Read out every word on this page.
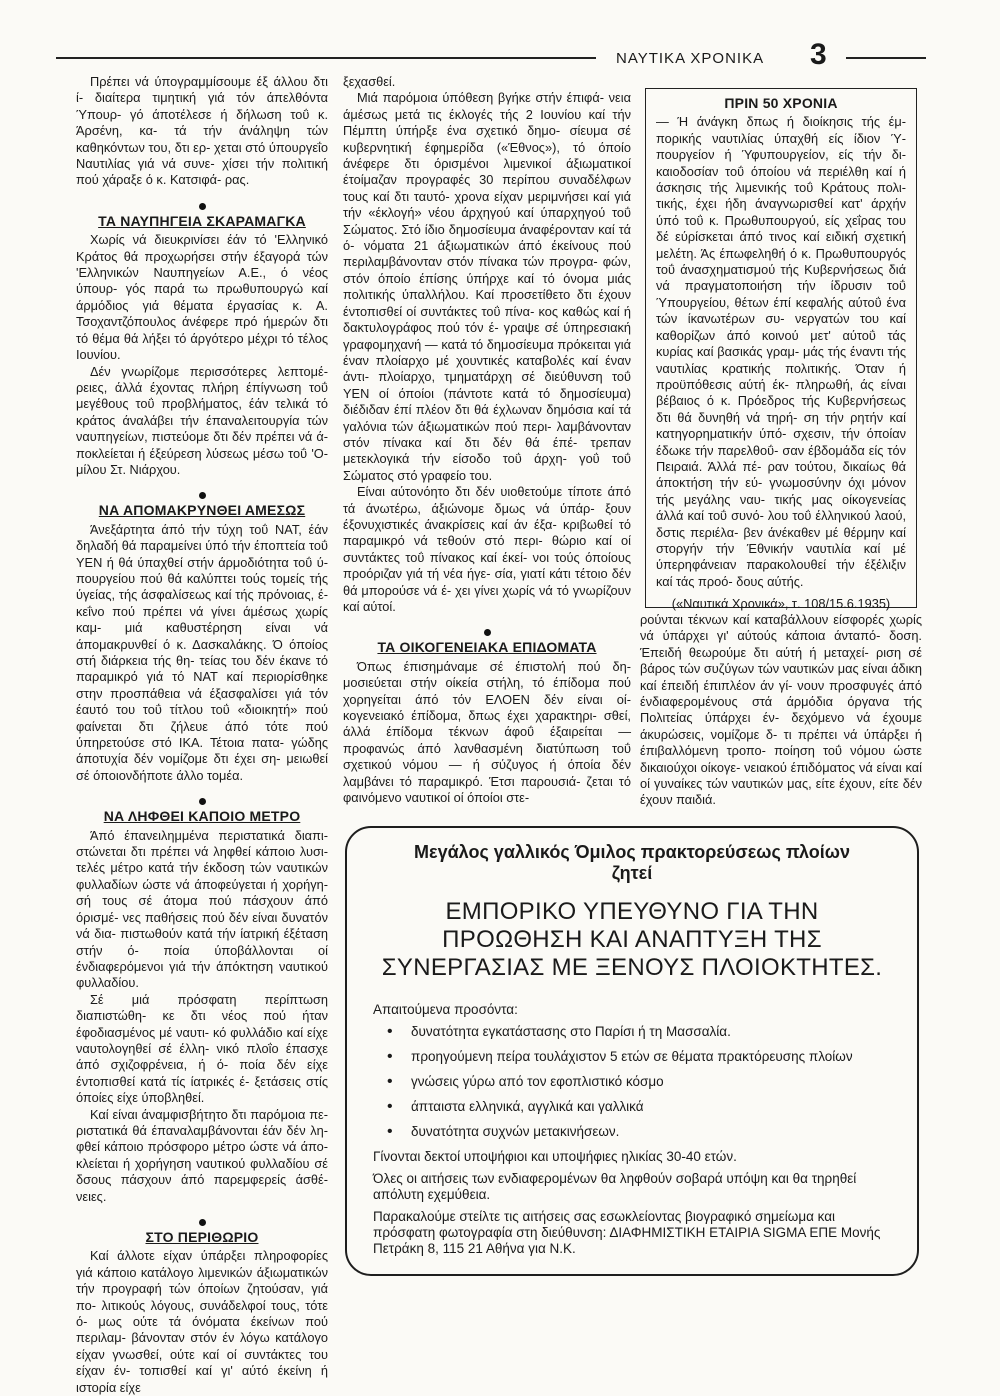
ΝΑΥΤΙΚΑ ΧΡΟΝΙΚΑ 3

Πρέπει νά ύπογραμμίσουμε έξ άλλου δτι ί- διαίτερα τιμητική γιά τόν άπελθόντα Ύπουρ- γό άποτέλεσε ή δήλωση τοΰ κ. Άρσένη, κα- τά τήν άνάληψη τών καθηκόντων του, δτι ερ- χεται στό ύπουργεΐο Ναυτιλίας γιά νά συνε- χίσει τήν πολιτική πού χάραξε ό κ. Κατσιφά- ρας.

ΤΑ ΝΑΥΠΗΓΕΙΑ ΣΚΑΡΑΜΑΓΚΑ

Χωρίς νά διευκρινίσει έάν τό 'Ελληνικό Κράτος θά προχωρήσει στήν έξαγορά τών 'Ελληνικών Ναυπηγείων Α.Ε., ό νέος ύπουρ- γός παρά τω πρωθυπουργώ καί άρμόδιος γιά θέματα έργασίας κ. Α. Τσοχαντζόπουλος άνέφερε πρό ήμερών δτι τό θέμα θά λήξει τό άργότερο μέχρι τό τέλος Ιουνίου.

Δέν γνωρίζομε περισσότερες λεπτομέ- ρειες, άλλά έχοντας πλήρη έπίγνωση τοΰ μεγέθους τοΰ προβλήματος, έάν τελικά τό κράτος άναλάβει τήν έπαναλειτουργία τών ναυπηγείων, πιστεύομε δτι δέν πρέπει νά ά- ποκλείεται ή έξεύρεση λύσεως μέσω τοΰ 'Ο- μίλου Στ. Νιάρχου.

ΝΑ ΑΠΟΜΑΚΡΥΝΘΕΙ ΑΜΕΣΩΣ

Άνεξάρτητα άπό τήν τύχη τοΰ ΝΑΤ, έάν δηλαδή θά παραμείνει ύπό τήν έποπτεία τοΰ ΥΕΝ ή θά ύπαχθεί στήν άρμοδιότητα τοΰ ύ- πουργείου πού θά καλύπτει τούς τομείς τής ύγείας, τής άσφαλίσεως καί τής πρόνοιας, έ- κεΐνο πού πρέπει νά γίνει άμέσως χωρίς καμ- μιά καθυστέρηση είναι νά άπομακρυνθεί ό κ. Δασκαλάκης. Ό όποίος στή διάρκεια τής θη- τείας του δέν έκανε τό παραμικρό γιά τό ΝΑΤ καί περιορίσθηκε στην προσπάθεια νά έξασφαλίσει γιά τόν έαυτό του τοΰ τίτλου τοΰ «διοικητή» πού φαίνεται δτι ζήλευε άπό τότε πού ύπηρετούσε στό ΙΚΑ. Τέτοια πατα- γώδης άποτυχία δέν νομίζομε δτι έχει ση- μειωθεί σέ όποιονδήποτε άλλο τομέα.

ΝΑ ΛΗΦΘΕΙ ΚΑΠΟΙΟ ΜΕΤΡΟ

Άπό έπανειλημμένα περιστατικά διαπι- στώνεται δτι πρέπει νά ληφθεί κάποιο λυσι- τελές μέτρο κατά τήν έκδοση τών ναυτικών φυλλαδίων ώστε νά άποφεύγεται ή χορήγη- σή τους σέ άτομα πού πάσχουν άπό όρισμέ- νες παθήσεις πού δέν είναι δυνατόν νά δια- πιστωθούν κατά τήν ίατρική έξέταση στήν ό- ποία ύποβάλλονται οί ένδιαφερόμενοι γιά τήν άπόκτηση ναυτικού φυλλαδίου.

Σέ μιά πρόσφατη περίπτωση διαπιστώθη- κε δτι νέος πού ήταν έφοδιασμένος μέ ναυτι- κό φυλλάδιο καί είχε ναυτολογηθεί σέ έλλη- νικό πλοΐο έπασχε άπό σχιζοφρένεια, ή ό- ποία δέν είχε έντοπισθεί κατά τίς ίατρικές έ- ξετάσεις στίς όποίες είχε ύποβληθεί.

Καί είναι άναμφισβήτητο δτι παρόμοια πε- ριστατικά θά έπαναλαμβάνονται έάν δέν λη- φθεί κάποιο πρόσφορο μέτρο ώστε νά άπο- κλείεται ή χορήγηση ναυτικού φυλλαδίου σέ δσους πάσχουν άπό παρεμφερείς άσθέ- νειες.

ΣΤΟ ΠΕΡΙΘΩΡΙΟ

Καί άλλοτε είχαν ύπάρξει πληροφορίες γιά κάποιο κατάλογο λιμενικών άξιωματικών τήν προγραφή τών όποίων ζητούσαν, γιά πο- λιτικούς λόγους, συνάδελφοί τους, τότε ό- μως ούτε τά όνόματα έκείνων πού περιλαμ- βάνονταν στόν έν λόγω κατάλογο είχαν γνωσθεί, ούτε καί οί συντάκτες του είχαν έν- τοπισθεί καί γι' αύτό έκείνη ή ιστορία είχε

ξεχασθεί.

Μιά παρόμοια ύπόθεση βγήκε στήν έπιφά- νεια άμέσως μετά τις έκλογές τής 2 Ιουνίου καί τήν Πέμπτη ύπήρξε ένα σχετικό δημο- σίευμα σέ κυβερνητική έφημερίδα («Έθνος»), τό όποίο άνέφερε δτι όρισμένοι λιμενικοί άξιωματικοί έτοίμαζαν προγραφές 30 περίπου συναδέλφων τους καί δτι ταυτό- χρονα είχαν μεριμνήσει καί γιά τήν «έκλογή» νέου άρχηγού καί ύπαρχηγού τοΰ Σώματος. Στό ίδιο δημοσίευμα άναφέρονταν καί τά ό- νόματα 21 άξιωματικών άπό έκείνους πού περιλαμβάνονταν στόν πίνακα τών προγρα- φών, στόν όποίο έπίσης ύπήρχε καί τό όνομα μιάς πολιτικής ύπαλλήλου. Καί προσετίθετο δτι έχουν έντοπισθεί οί συντάκτες τοΰ πίνα- κος καθώς καί ή δακτυλογράφος πού τόν έ- γραψε σέ ύπηρεσιακή γραφομηχανή — κατά τό δημοσίευμα πρόκειται γιά έναν πλοίαρχο μέ χουντικές καταβολές καί έναν άντι- πλοίαρχο, τμηματάρχη σέ διεύθυνση τοΰ ΥΕΝ οί όποίοι (πάντοτε κατά τό δημοσίευμα) διέδιδαν έπί πλέον δτι θά έχλωναν δημόσια καί τά γαλόνια τών άξιωματικών πού περι- λαμβάνονταν στόν πίνακα καί δτι δέν θά έπέ- τρεπαν μετεκλογικά τήν είσοδο τοΰ άρχη- γοΰ τοΰ Σώματος στό γραφείο του.

Είναι αύτονόητο δτι δέν υιοθετούμε τίποτε άπό τά άνωτέρω, άξιώνομε δμως νά ύπάρ- ξουν έξονυχιστικές άνακρίσεις καί άν έξα- κριβωθεί τό παραμικρό νά τεθούν στό περι- θώριο καί οί συντάκτες τοΰ πίνακος καί έκεί- νοι τούς όποίους προόριζαν γιά τή νέα ήγε- σία, γιατί κάτι τέτοιο δέν θά μπορούσε νά έ- χει γίνει χωρίς νά τό γνωρίζουν καί αύτοί.

ΤΑ ΟΙΚΟΓΕΝΕΙΑΚΑ ΕΠΙΔΟΜΑΤΑ

Όπως έπισημάναμε σέ έπιστολή πού δη- μοσιεύεται στήν οίκεία στήλη, τό έπίδομα πού χορηγείται άπό τόν ΕΛΟΕΝ δέν είναι οί- κογενειακό έπίδομα, δπως έχει χαρακτηρι- σθεί, άλλά έπίδομα τέκνων άφοΰ έξαιρείται — προφανώς άπό λανθασμένη διατύπωση τοΰ σχετικού νόμου — ή σύζυγος ή όποία δέν λαμβάνει τό παραμικρό. Έτσι παρουσιά- ζεται τό φαινόμενο ναυτικοί οί όποίοι στε-

ΠΡΙΝ 50 ΧΡΟΝΙΑ
— Ή άνάγκη δπως ή διοίκησις τής έμ- πορικής ναυτιλίας ύπαχθή είς ίδιον Ύ- πουργείον ή Ύφυπουργείον, είς τήν δι- καιοδοσίαν τοΰ όποίου νά περιέλθη καί ή άσκησις τής λιμενικής τοΰ Κράτους πολι- τικής, έχει ήδη άναγνωρισθεί κατ' άρχήν ύπό τοΰ κ. Πρωθυπουργού, είς χεΐρας του δέ εύρίσκεται άπό τινος καί ειδική σχετική μελέτη. Άς έπωφεληθή ό κ. Πρωθυπουργός τοΰ άνασχηματισμού τής Κυβερνήσεως διά νά πραγματοποιήση τήν ίδρυσιν τοΰ Ύπουργείου, θέτων έπί κεφαλής αύτοΰ ένα τών ίκανωτέρων συ- νεργατών του καί καθορίζων άπό κοινού μετ' αύτοΰ τάς κυρίας καί βασικάς γραμ- μάς τής έναντι τής ναυτιλίας κρατικής πολιτικής. Όταν ή προϋπόθεσις αύτή έκ- πληρωθή, άς είναι βέβαιος ό κ. Πρόεδρος τής Κυβερνήσεως δτι θά δυνηθή νά τηρή- ση τήν ρητήν καί κατηγορηματικήν ύπό- σχεσιν, τήν όποίαν έδωκε τήν παρελθοΰ- σαν έβδομάδα είς τόν Πειραιά. Άλλά πέ- ραν τούτου, δικαίως θά άποκτήση τήν εύ- γνωμοσύνην όχι μόνον τής μεγάλης ναυ- τικής μας οίκογενείας άλλά καί τοΰ συνό- λου τοΰ έλληνικού λαού, δστις περιέλα- βεν άνέκαθεν μέ θέρμην καί στοργήν τήν Έθνικήν ναυτιλία καί μέ ύπερηφάνειαν παρακολουθεί τήν έξέλιξιν καί τάς προό- δους αύτής.
(«Ναυτικά Χρονικά», τ. 108/15.6.1935)

ρούνται τέκνων καί καταβάλλουν είσφορές χωρίς νά ύπάρχει γι' αύτούς κάποια άνταπό- δοση. Έπειδή θεωρούμε δτι αύτή ή μεταχεί- ριση σέ βάρος τών συζύγων τών ναυτικών μας είναι άδικη καί έπειδή έπιπλέον άν γί- νουν προσφυγές άπό ένδιαφερομένους στά άρμόδια όργανα τής Πολιτείας ύπάρχει έν- δεχόμενο νά έχουμε άκυρώσεις, νομίζομε δ- τι πρέπει νά ύπάρξει ή έπιβαλλόμενη τροπο- ποίηση τοΰ νόμου ώστε δικαιούχοι οίκογε- νειακού έπιδόματος νά είναι καί οί γυναίκες τών ναυτικών μας, είτε έχουν, είτε δέν έχουν παιδιά.

Μεγάλος γαλλικός Όμιλος πρακτορεύσεως πλοίων
ζητεί
ΕΜΠΟΡΙΚΟ ΥΠΕΥΘΥΝΟ ΓΙΑ ΤΗΝ ΠΡΟΩΘΗΣΗ ΚΑΙ ΑΝΑΠΤΥΞΗ ΤΗΣ ΣΥΝΕΡΓΑΣΙΑΣ ΜΕ ΞΕΝΟΥΣ ΠΛΟΙΟΚΤΗΤΕΣ.
Απαιτούμενα προσόντα:
• δυνατότητα εγκατάστασης στο Παρίσι ή τη Μασσαλία.
• προηγούμενη πείρα τουλάχιστον 5 ετών σε θέματα πρακτόρευσης πλοίων
• γνώσεις γύρω από τον εφοπλιστικό κόσμο
• άπταιστα ελληνικά, αγγλικά και γαλλικά
• δυνατότητα συχνών μετακινήσεων.

Γίνονται δεκτοί υποψήφιοι και υποψήφιες ηλικίας 30-40 ετών.

Όλες οι αιτήσεις των ενδιαφερομένων θα ληφθούν σοβαρά υπόψη και θα τηρηθεί απόλυτη εχεμύθεια.

Παρακαλούμε στείλτε τις αιτήσεις σας εσωκλείοντας βιογραφικό σημείωμα και πρόσφατη φωτογραφία στη διεύθυνση: ΔΙΑΦΗΜΙΣΤΙΚΗ ΕΤΑΙΡΙΑ SIGMA ΕΠΕ Μονής Πετράκη 8, 115 21 Αθήνα για Ν.Κ.
